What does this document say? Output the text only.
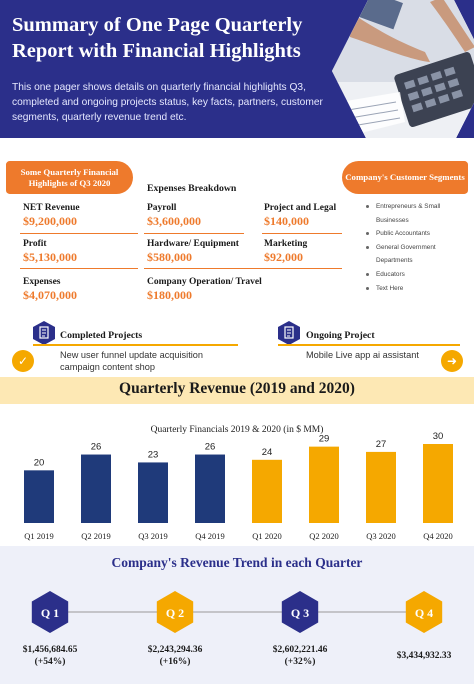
Summary of One Page Quarterly Report with Financial Highlights
This one pager shows details on quarterly financial highlights Q3, completed and ongoing projects status, key facts, partners, customer segments, quarterly revenue trend etc.
Some Quarterly Financial Highlights of Q3 2020
NET Revenue
$9,200,000
Profit
$5,130,000
Expenses
$4,070,000
Expenses Breakdown
Payroll
$3,600,000
Project and Legal
$140,000
Hardware/ Equipment
$580,000
Marketing
$92,000
Company Operation/ Travel
$180,000
Company's Customer Segments
Entrepreneurs & Small Businesses
Public Accountants
General Government Departments
Educators
Text Here
Completed Projects
✓	New user funnel update acquisition campaign content shop
Ongoing Project
Mobile Live app ai assistant	➜
Quarterly Revenue (2019 and 2020)
Quarterly Financials 2019 & 2020 (in $ MM)
20
Q1 2019
26
Q2 2019
23
Q3 2019
26
Q4 2019
24
Q1 2020
29
Q2 2020
27
Q3 2020
30
Q4 2020
Company's Revenue Trend in each Quarter
Q 1	Q 2	Q 3	Q 4
$1,456,684.65
(+54%)
$2,243,294.36
(+16%)
$2,602,221.46
(+32%)
$3,434,932.33
